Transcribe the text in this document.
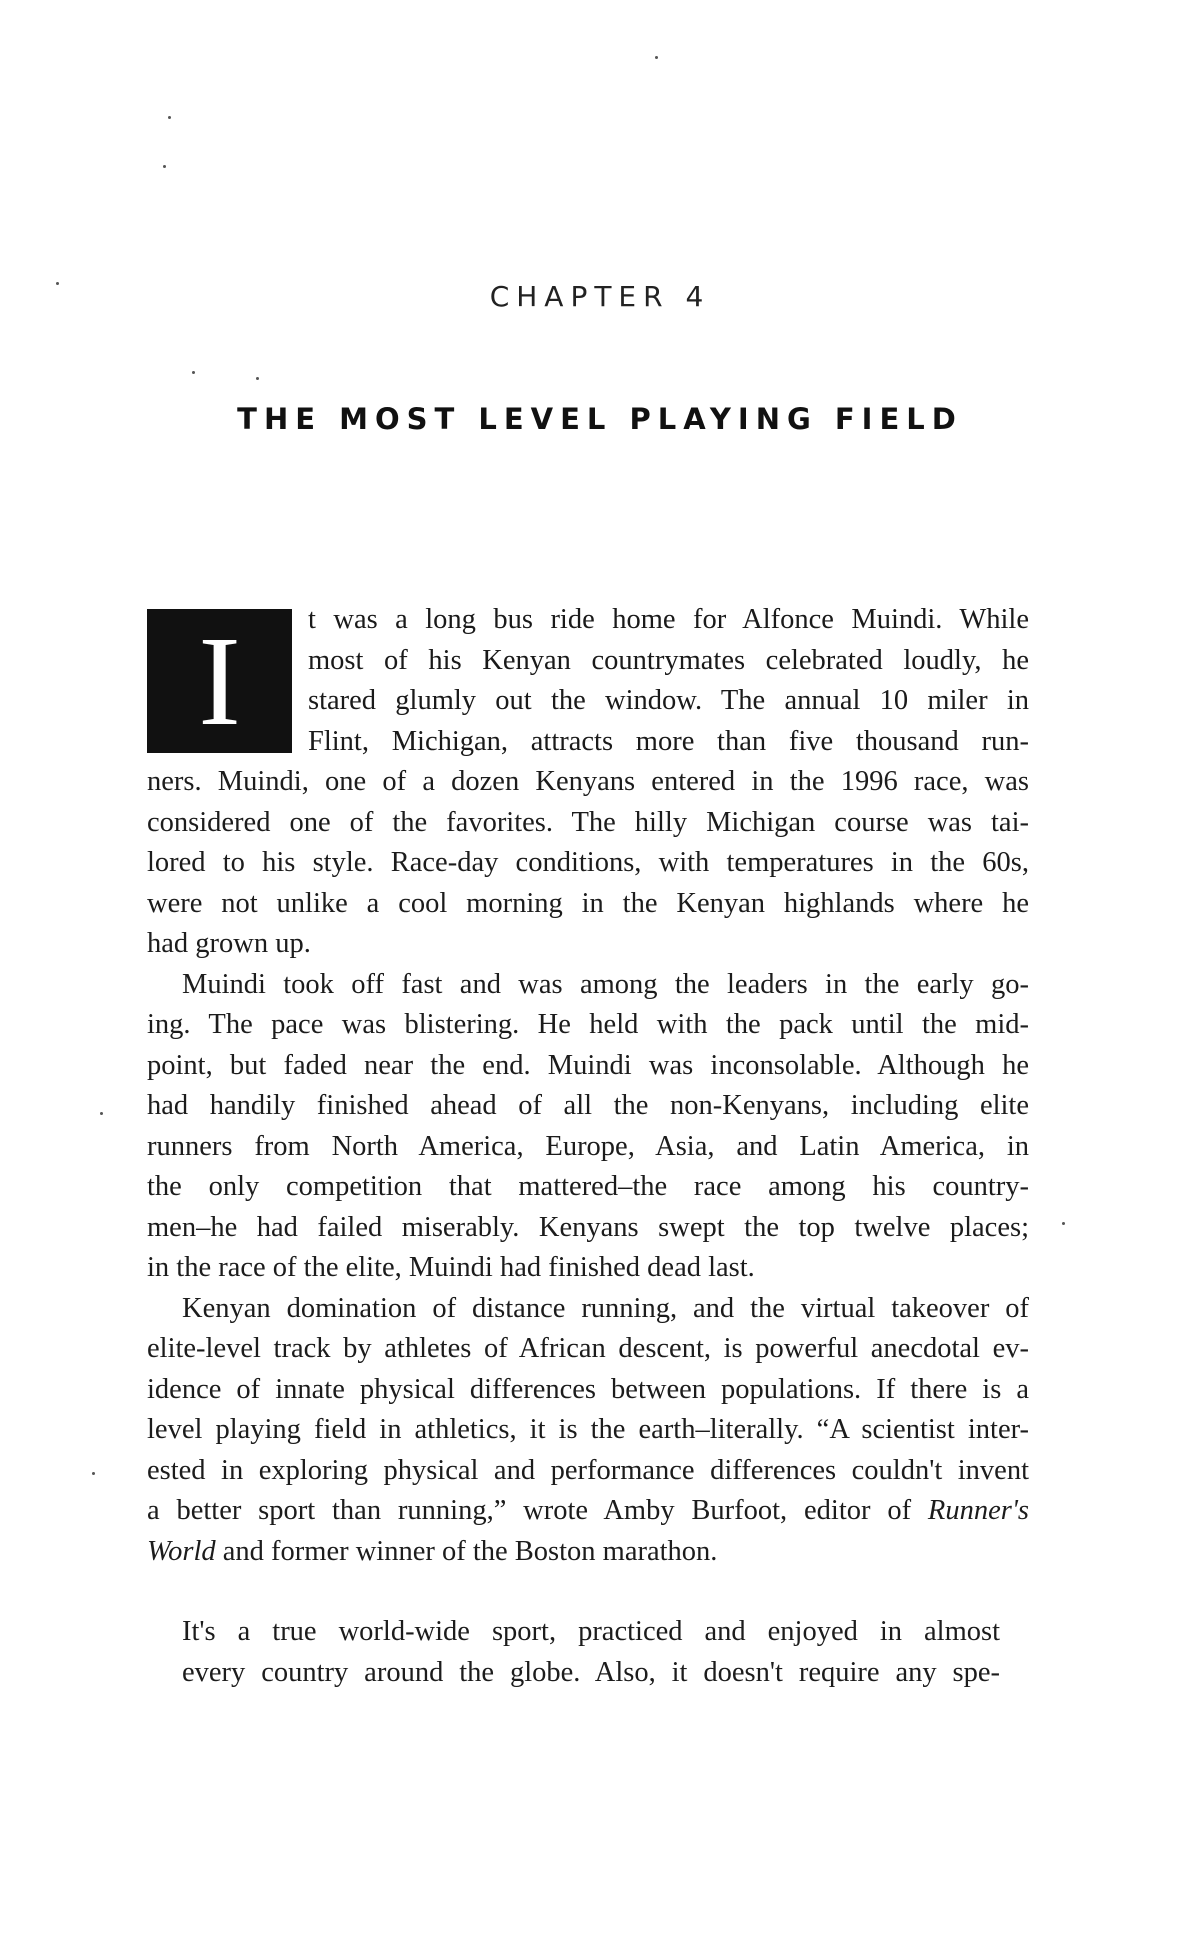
CHAPTER 4
THE MOST LEVEL PLAYING FIELD
I	t was a long bus ride home for Alfonce Muindi. While
most of his Kenyan countrymates celebrated loudly, he
stared glumly out the window. The annual 10 miler in
Flint, Michigan, attracts more than five thousand run-
ners. Muindi, one of a dozen Kenyans entered in the 1996 race, was
considered one of the favorites. The hilly Michigan course was tai-
lored to his style. Race-day conditions, with temperatures in the 60s,
were not unlike a cool morning in the Kenyan highlands where he
had grown up.
Muindi took off fast and was among the leaders in the early go-
ing. The pace was blistering. He held with the pack until the mid-
point, but faded near the end. Muindi was inconsolable. Although he
had handily finished ahead of all the non-Kenyans, including elite
runners from North America, Europe, Asia, and Latin America, in
the only competition that mattered–the race among his country-
men–he had failed miserably. Kenyans swept the top twelve places;
in the race of the elite, Muindi had finished dead last.
Kenyan domination of distance running, and the virtual takeover of
elite-level track by athletes of African descent, is powerful anecdotal ev-
idence of innate physical differences between populations. If there is a
level playing field in athletics, it is the earth–literally. “A scientist inter-
ested in exploring physical and performance differences couldn't invent
a better sport than running,” wrote Amby Burfoot, editor of Runner's
World and former winner of the Boston marathon.
It's a true world-wide sport, practiced and enjoyed in almost
every country around the globe. Also, it doesn't require any spe-
